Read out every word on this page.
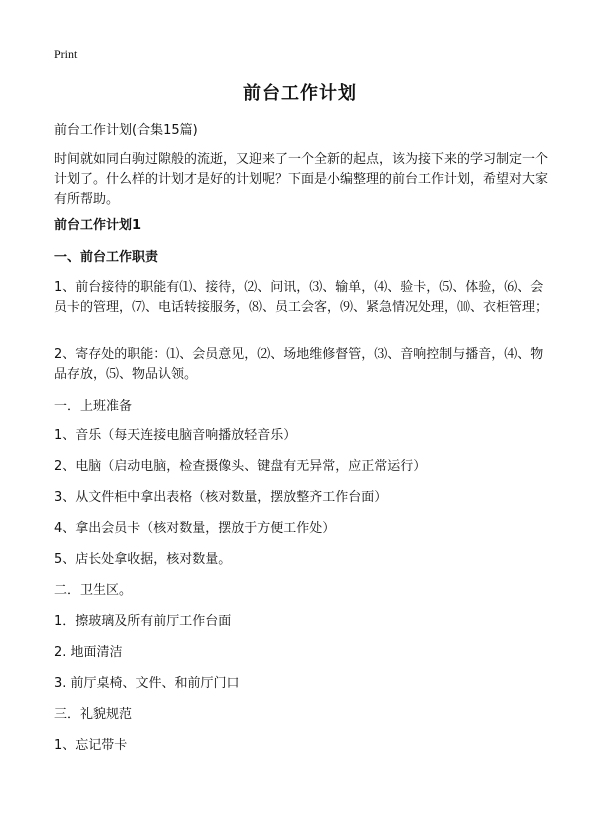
Print
前台工作计划
前台工作计划(合集15篇)
时间就如同白驹过隙般的流逝，又迎来了一个全新的起点，该为接下来的学习制定一个计划了。什么样的计划才是好的计划呢？下面是小编整理的前台工作计划，希望对大家有所帮助。
前台工作计划1
一、前台工作职责
1、前台接待的职能有⑴、接待，⑵、问讯，⑶、输单，⑷、验卡，⑸、体验，⑹、会员卡的管理，⑺、电话转接服务，⑻、员工会客，⑼、紧急情况处理，⑽、衣柜管理；
2、寄存处的职能：⑴、会员意见，⑵、场地维修督管，⑶、音响控制与播音，⑷、物品存放，⑸、物品认领。
一．上班准备
1、音乐（每天连接电脑音响播放轻音乐）
2、电脑（启动电脑，检查摄像头、键盘有无异常，应正常运行）
3、从文件柜中拿出表格（核对数量，摆放整齐工作台面）
4、拿出会员卡（核对数量，摆放于方便工作处）
5、店长处拿收据，核对数量。
二．卫生区。
1．擦玻璃及所有前厅工作台面
2. 地面清洁
3. 前厅桌椅、文件、和前厅门口
三．礼貌规范
1、忘记带卡
